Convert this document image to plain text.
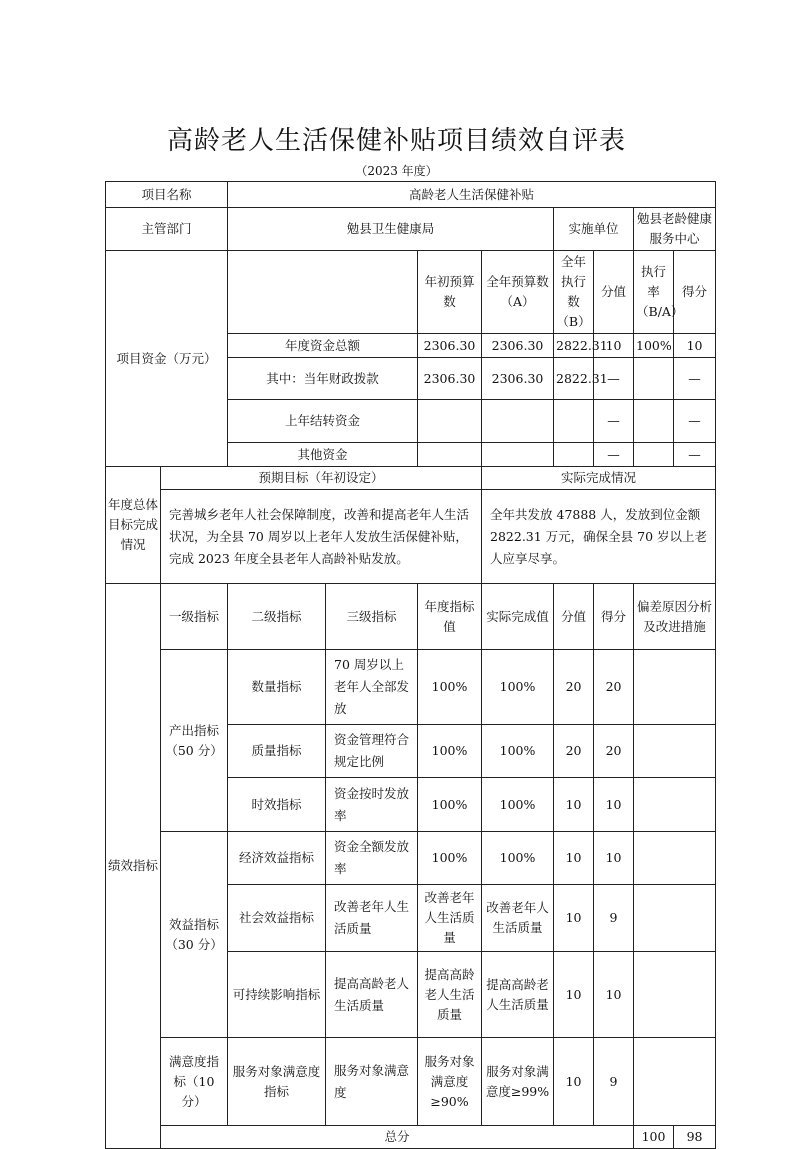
高龄老人生活保健补贴项目绩效自评表
（2023 年度）
项目名称		高龄老人生活保健补贴								
主管部门		勉县卫生健康局				实施单位		勉县老龄健康服务中心		
项目资金（万元）				年初预算数	全年预算数（A）	全年执行数（B）	分值	执行率（B/A）	得分	
		年度资金总额		2306.30	2306.30	2822.31	10	100%	10	
		其中：当年财政拨款		2306.30	2306.30	2822.31	—		—	
		上年结转资金					—		—	
		其他资金					—		—	
年度总体目标完成情况	预期目标（年初设定）				实际完成情况					
	完善城乡老年人社会保障制度，改善和提高老年人生活状况，为全县 70 周岁以上老年人发放生活保健补贴，完成 2023 年度全县老年人高龄补贴发放。				全年共发放 47888 人，发放到位金额 2822.31 万元，确保全县 70 岁以上老人应享尽享。					
绩效指标	一级指标	二级指标	三级指标	年度指标值	实际完成值	分值	得分	偏差原因分析及改进措施		
	产出指标（50 分）	数量指标	70 周岁以上老年人全部发放	100%	100%	20	20			
		质量指标	资金管理符合规定比例	100%	100%	20	20			
		时效指标	资金按时发放率	100%	100%	10	10			
	效益指标（30 分）	经济效益指标	资金全额发放率	100%	100%	10	10			
		社会效益指标	改善老年人生活质量	改善老年人生活质量	改善老年人生活质量	10	9			
		可持续影响指标	提高高龄老人生活质量	提高高龄老人生活质量	提高高龄老人生活质量	10	10			
	满意度指标（10 分）	服务对象满意度指标	服务对象满意度	服务对象满意度≥90%	服务对象满意度≥99%	10	9			
	总分							100	98	
